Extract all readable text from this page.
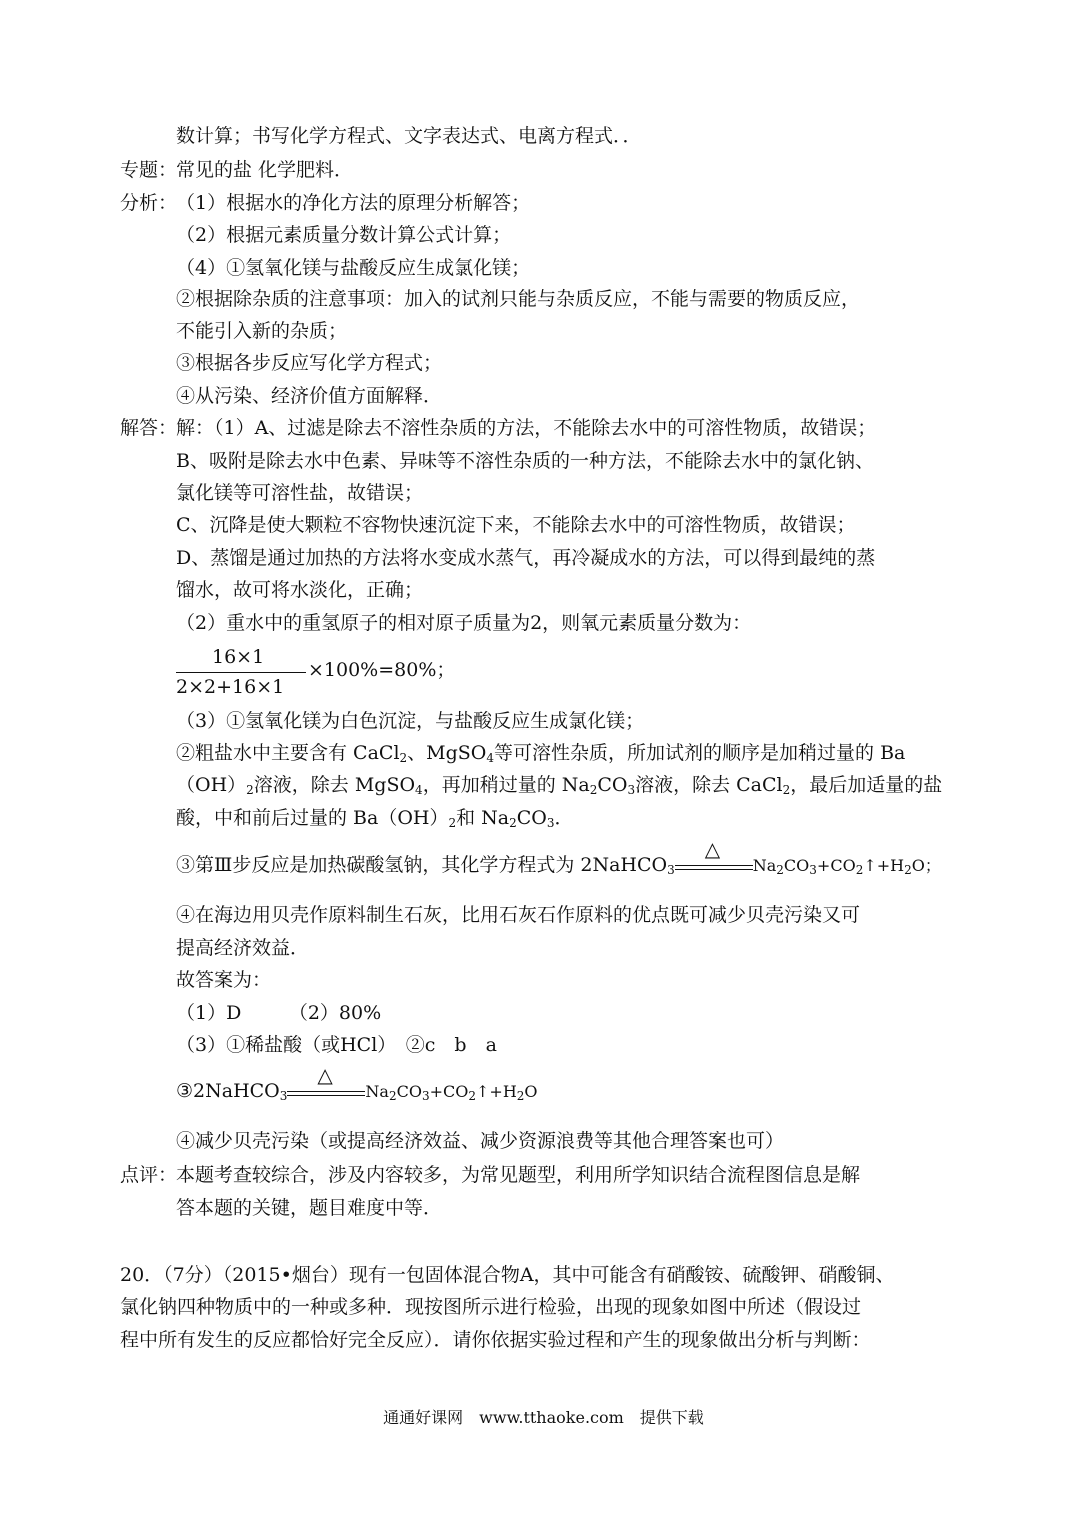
数计算；书写化学方程式、文字表达式、电离方程式．．
专题：
常见的盐 化学肥料．
分析：
（1）根据水的净化方法的原理分析解答；
（2）根据元素质量分数计算公式计算；
（4）①氢氧化镁与盐酸反应生成氯化镁；
②根据除杂质的注意事项：加入的试剂只能与杂质反应，不能与需要的物质反应，
不能引入新的杂质；
③根据各步反应写化学方程式；
④从污染、经济价值方面解释．
解答：
解：（1）A、过滤是除去不溶性杂质的方法，不能除去水中的可溶性物质，故错误；
B、吸附是除去水中色素、异味等不溶性杂质的一种方法，不能除去水中的氯化钠、
氯化镁等可溶性盐，故错误；
C、沉降是使大颗粒不容物快速沉淀下来，不能除去水中的可溶性物质，故错误；
D、蒸馏是通过加热的方法将水变成水蒸气，再冷凝成水的方法，可以得到最纯的蒸
馏水，故可将水淡化，正确；
（2）重水中的重氢原子的相对原子质量为2，则氧元素质量分数为：
16×1
2×2+16×1
×100%=80%；
（3）①氢氧化镁为白色沉淀，与盐酸反应生成氯化镁；
②粗盐水中主要含有 CaCl$_2$、MgSO$_4$等可溶性杂质，所加试剂的顺序是加稍过量的 Ba
$(OH)_2$溶液，除去 MgSO$_4$，再加稍过量的 $Na_2CO_3$溶液，除去 CaCl$_2$，最后加适量的盐
酸，中和前后过量的 $Ba(OH)_2$和 $Na_2CO_3$．
③第Ⅲ步反应是加热碳酸氢钠，其化学方程式为 2NaHCO$_3$
△
$Na_2CO_3+CO_2↑+H_2O$；
④在海边用贝壳作原料制生石灰，比用石灰石作原料的优点既可减少贝壳污染又可
提高经济效益．
故答案为：
（1）D　　　（2）80%
（3）①稀盐酸（或HCl）　②c　b　a
③2NaHCO$_3$
△
$Na_2CO_3+CO_2↑+H_2O$
④减少贝壳污染（或提高经济效益、减少资源浪费等其他合理答案也可）
点评：
本题考查较综合，涉及内容较多，为常见题型，利用所学知识结合流程图信息是解
答本题的关键，题目难度中等．
20．（7分）（2015•烟台）现有一包固体混合物A，其中可能含有硝酸铵、硫酸钾、硝酸铜、
氯化钠四种物质中的一种或多种．现按图所示进行检验，出现的现象如图中所述（假设过
程中所有发生的反应都恰好完全反应）．请你依据实验过程和产生的现象做出分析与判断：
通通好课网　www.tthaoke.com　提供下载
